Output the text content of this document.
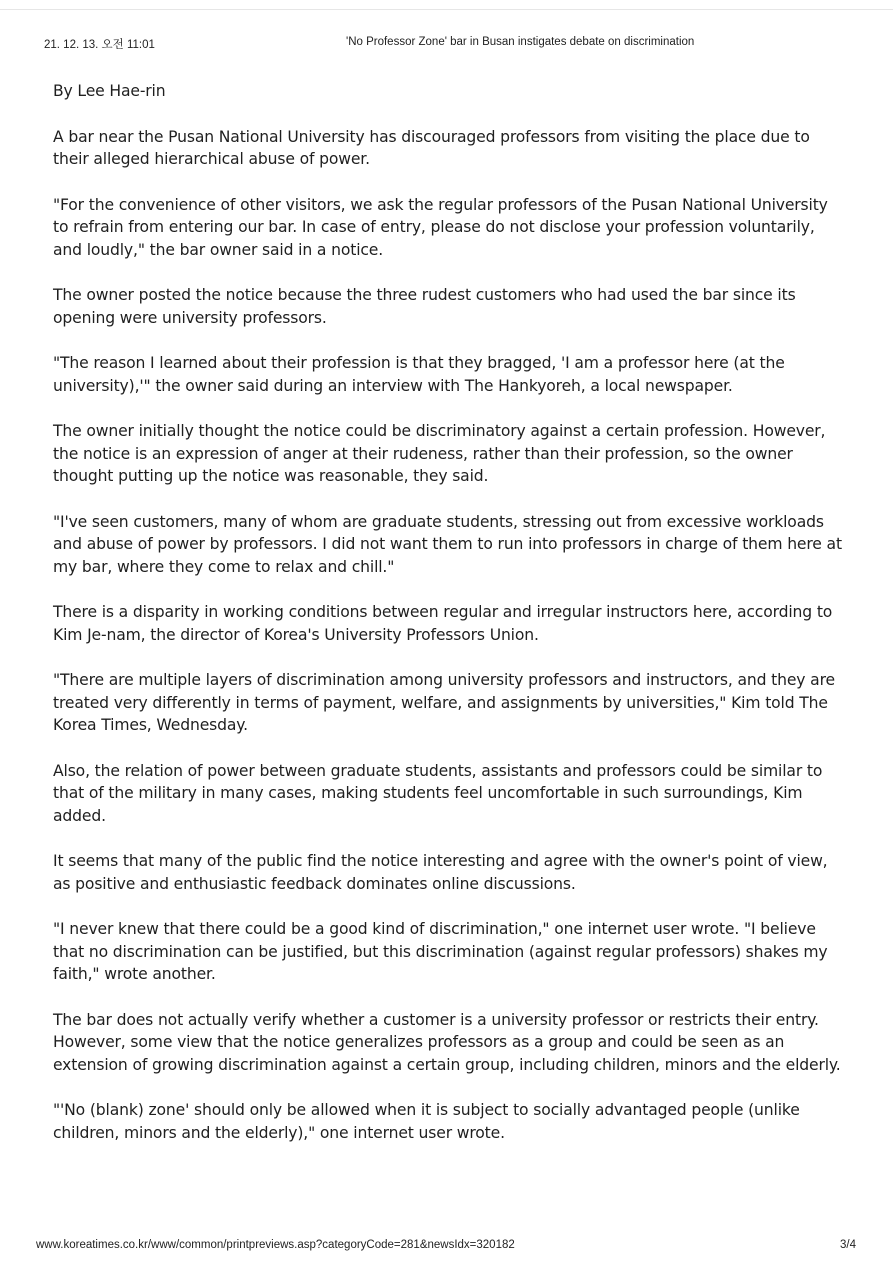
21. 12. 13. 오전 11:01	'No Professor Zone' bar in Busan instigates debate on discrimination

By Lee Hae-rin

A bar near the Pusan National University has discouraged professors from visiting the place due to their alleged hierarchical abuse of power.

"For the convenience of other visitors, we ask the regular professors of the Pusan National University to refrain from entering our bar. In case of entry, please do not disclose your profession voluntarily, and loudly," the bar owner said in a notice.

The owner posted the notice because the three rudest customers who had used the bar since its opening were university professors.

"The reason I learned about their profession is that they bragged, 'I am a professor here (at the university),'" the owner said during an interview with The Hankyoreh, a local newspaper.

The owner initially thought the notice could be discriminatory against a certain profession. However, the notice is an expression of anger at their rudeness, rather than their profession, so the owner thought putting up the notice was reasonable, they said.

"I've seen customers, many of whom are graduate students, stressing out from excessive workloads and abuse of power by professors. I did not want them to run into professors in charge of them here at my bar, where they come to relax and chill."

There is a disparity in working conditions between regular and irregular instructors here, according to Kim Je-nam, the director of Korea's University Professors Union.

"There are multiple layers of discrimination among university professors and instructors, and they are treated very differently in terms of payment, welfare, and assignments by universities," Kim told The Korea Times, Wednesday.

Also, the relation of power between graduate students, assistants and professors could be similar to that of the military in many cases, making students feel uncomfortable in such surroundings, Kim added.

It seems that many of the public find the notice interesting and agree with the owner's point of view, as positive and enthusiastic feedback dominates online discussions.

"I never knew that there could be a good kind of discrimination," one internet user wrote. "I believe that no discrimination can be justified, but this discrimination (against regular professors) shakes my faith," wrote another.

The bar does not actually verify whether a customer is a university professor or restricts their entry. However, some view that the notice generalizes professors as a group and could be seen as an extension of growing discrimination against a certain group, including children, minors and the elderly.

"'No (blank) zone' should only be allowed when it is subject to socially advantaged people (unlike children, minors and the elderly)," one internet user wrote.

www.koreatimes.co.kr/www/common/printpreviews.asp?categoryCode=281&newsIdx=320182	3/4
